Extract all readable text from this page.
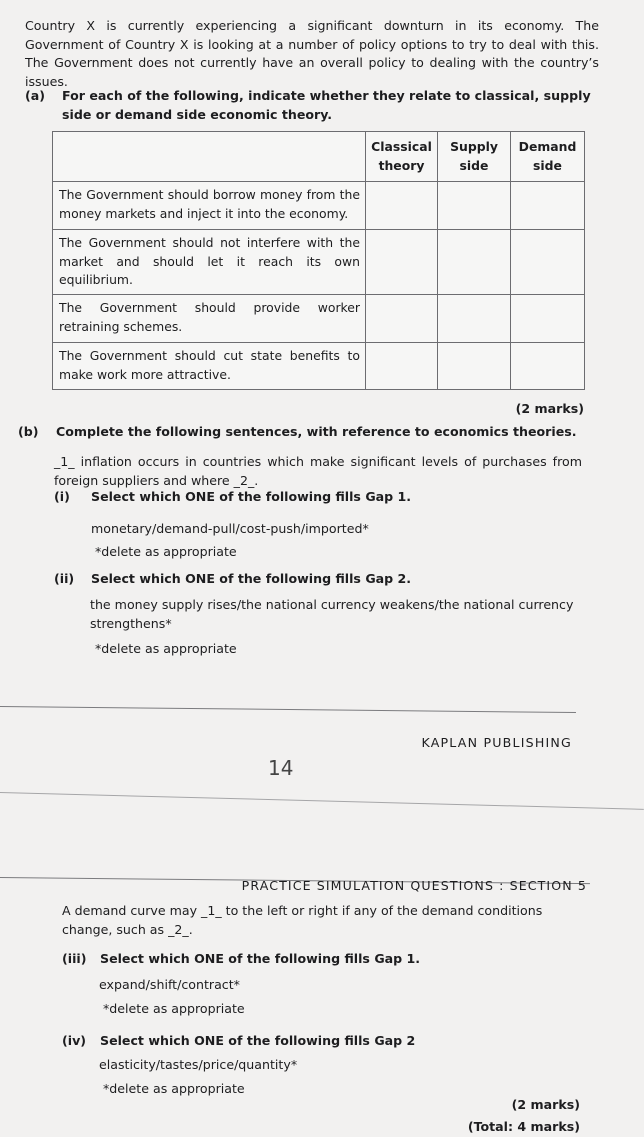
Country X is currently experiencing a significant downturn in its economy. The Government of Country X is looking at a number of policy options to try to deal with this. The Government does not currently have an overall policy to dealing with the country’s issues.
(a) For each of the following, indicate whether they relate to classical, supply side or demand side economic theory.
	Classical theory	Supply side	Demand side
The Government should borrow money from the money markets and inject it into the economy.			
The Government should not interfere with the market and should let it reach its own equilibrium.			
The Government should provide worker retraining schemes.			
The Government should cut state benefits to make work more attractive.			
(2 marks)
(b) Complete the following sentences, with reference to economics theories.
_1_ inflation occurs in countries which make significant levels of purchases from foreign suppliers and where _2_.
(i) Select which ONE of the following fills Gap 1.
monetary/demand-pull/cost-push/imported*
*delete as appropriate
(ii) Select which ONE of the following fills Gap 2.
the money supply rises/the national currency weakens/the national currency strengthens*
*delete as appropriate
KAPLAN PUBLISHING
14
PRACTICE SIMULATION QUESTIONS : SECTION 5
A demand curve may _1_ to the left or right if any of the demand conditions change, such as _2_.
(iii) Select which ONE of the following fills Gap 1.
expand/shift/contract*
*delete as appropriate
(iv) Select which ONE of the following fills Gap 2
elasticity/tastes/price/quantity*
*delete as appropriate
(2 marks)
(Total: 4 marks)
